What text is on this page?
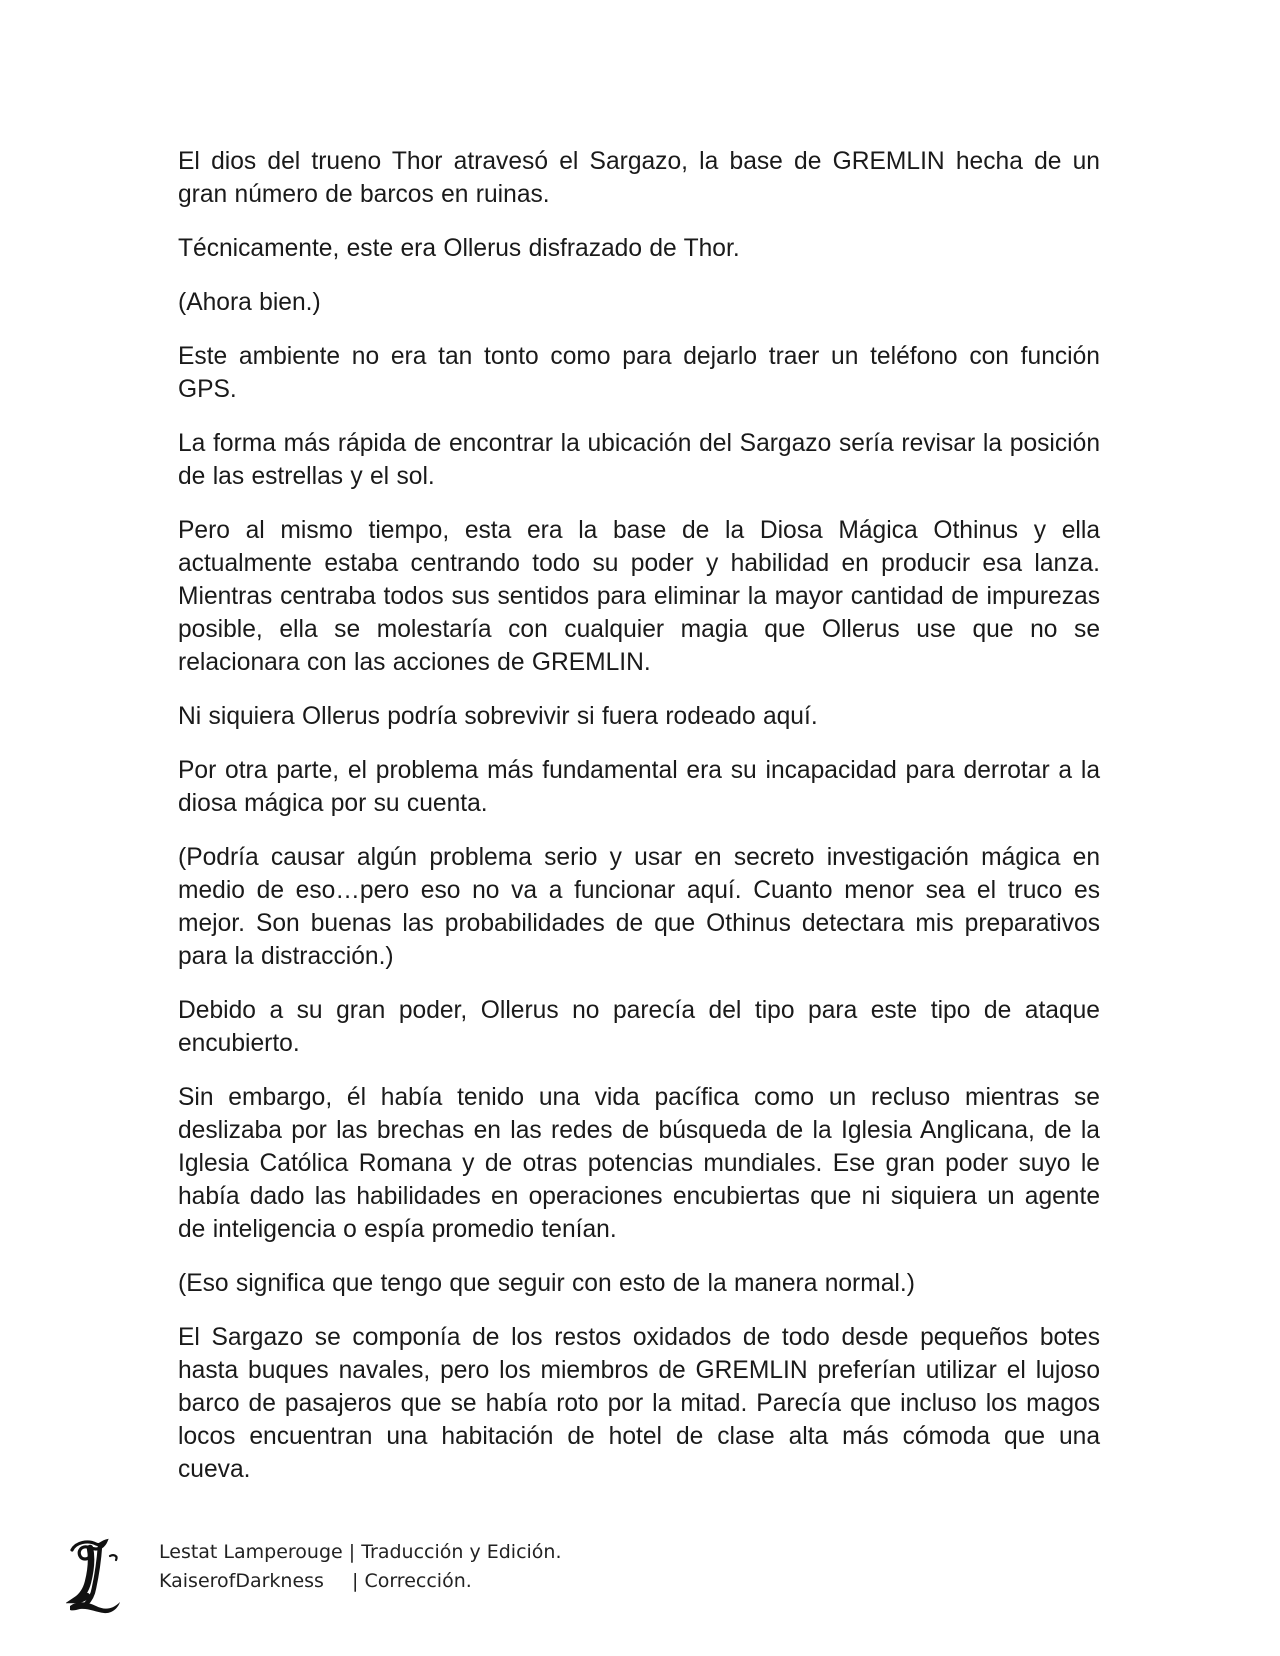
El dios del trueno Thor atravesó el Sargazo, la base de GREMLIN hecha de un gran número de barcos en ruinas.

Técnicamente, este era Ollerus disfrazado de Thor.

(Ahora bien.)

Este ambiente no era tan tonto como para dejarlo traer un teléfono con función GPS.

La forma más rápida de encontrar la ubicación del Sargazo sería revisar la posición de las estrellas y el sol.

Pero al mismo tiempo, esta era la base de la Diosa Mágica Othinus y ella actualmente estaba centrando todo su poder y habilidad en producir esa lanza. Mientras centraba todos sus sentidos para eliminar la mayor cantidad de impurezas posible, ella se molestaría con cualquier magia que Ollerus use que no se relacionara con las acciones de GREMLIN.

Ni siquiera Ollerus podría sobrevivir si fuera rodeado aquí.

Por otra parte, el problema más fundamental era su incapacidad para derrotar a la diosa mágica por su cuenta.

(Podría causar algún problema serio y usar en secreto investigación mágica en medio de eso…pero eso no va a funcionar aquí. Cuanto menor sea el truco es mejor. Son buenas las probabilidades de que Othinus detectara mis preparativos para la distracción.)

Debido a su gran poder, Ollerus no parecía del tipo para este tipo de ataque encubierto.

Sin embargo, él había tenido una vida pacífica como un recluso mientras se deslizaba por las brechas en las redes de búsqueda de la Iglesia Anglicana, de la Iglesia Católica Romana y de otras potencias mundiales. Ese gran poder suyo le había dado las habilidades en operaciones encubiertas que ni siquiera un agente de inteligencia o espía promedio tenían.

(Eso significa que tengo que seguir con esto de la manera normal.)

El Sargazo se componía de los restos oxidados de todo desde pequeños botes hasta buques navales, pero los miembros de GREMLIN preferían utilizar el lujoso barco de pasajeros que se había roto por la mitad. Parecía que incluso los magos locos encuentran una habitación de hotel de clase alta más cómoda que una cueva.

Lestat Lamperouge | Traducción y Edición.
KaiserofDarkness	| Corrección.
